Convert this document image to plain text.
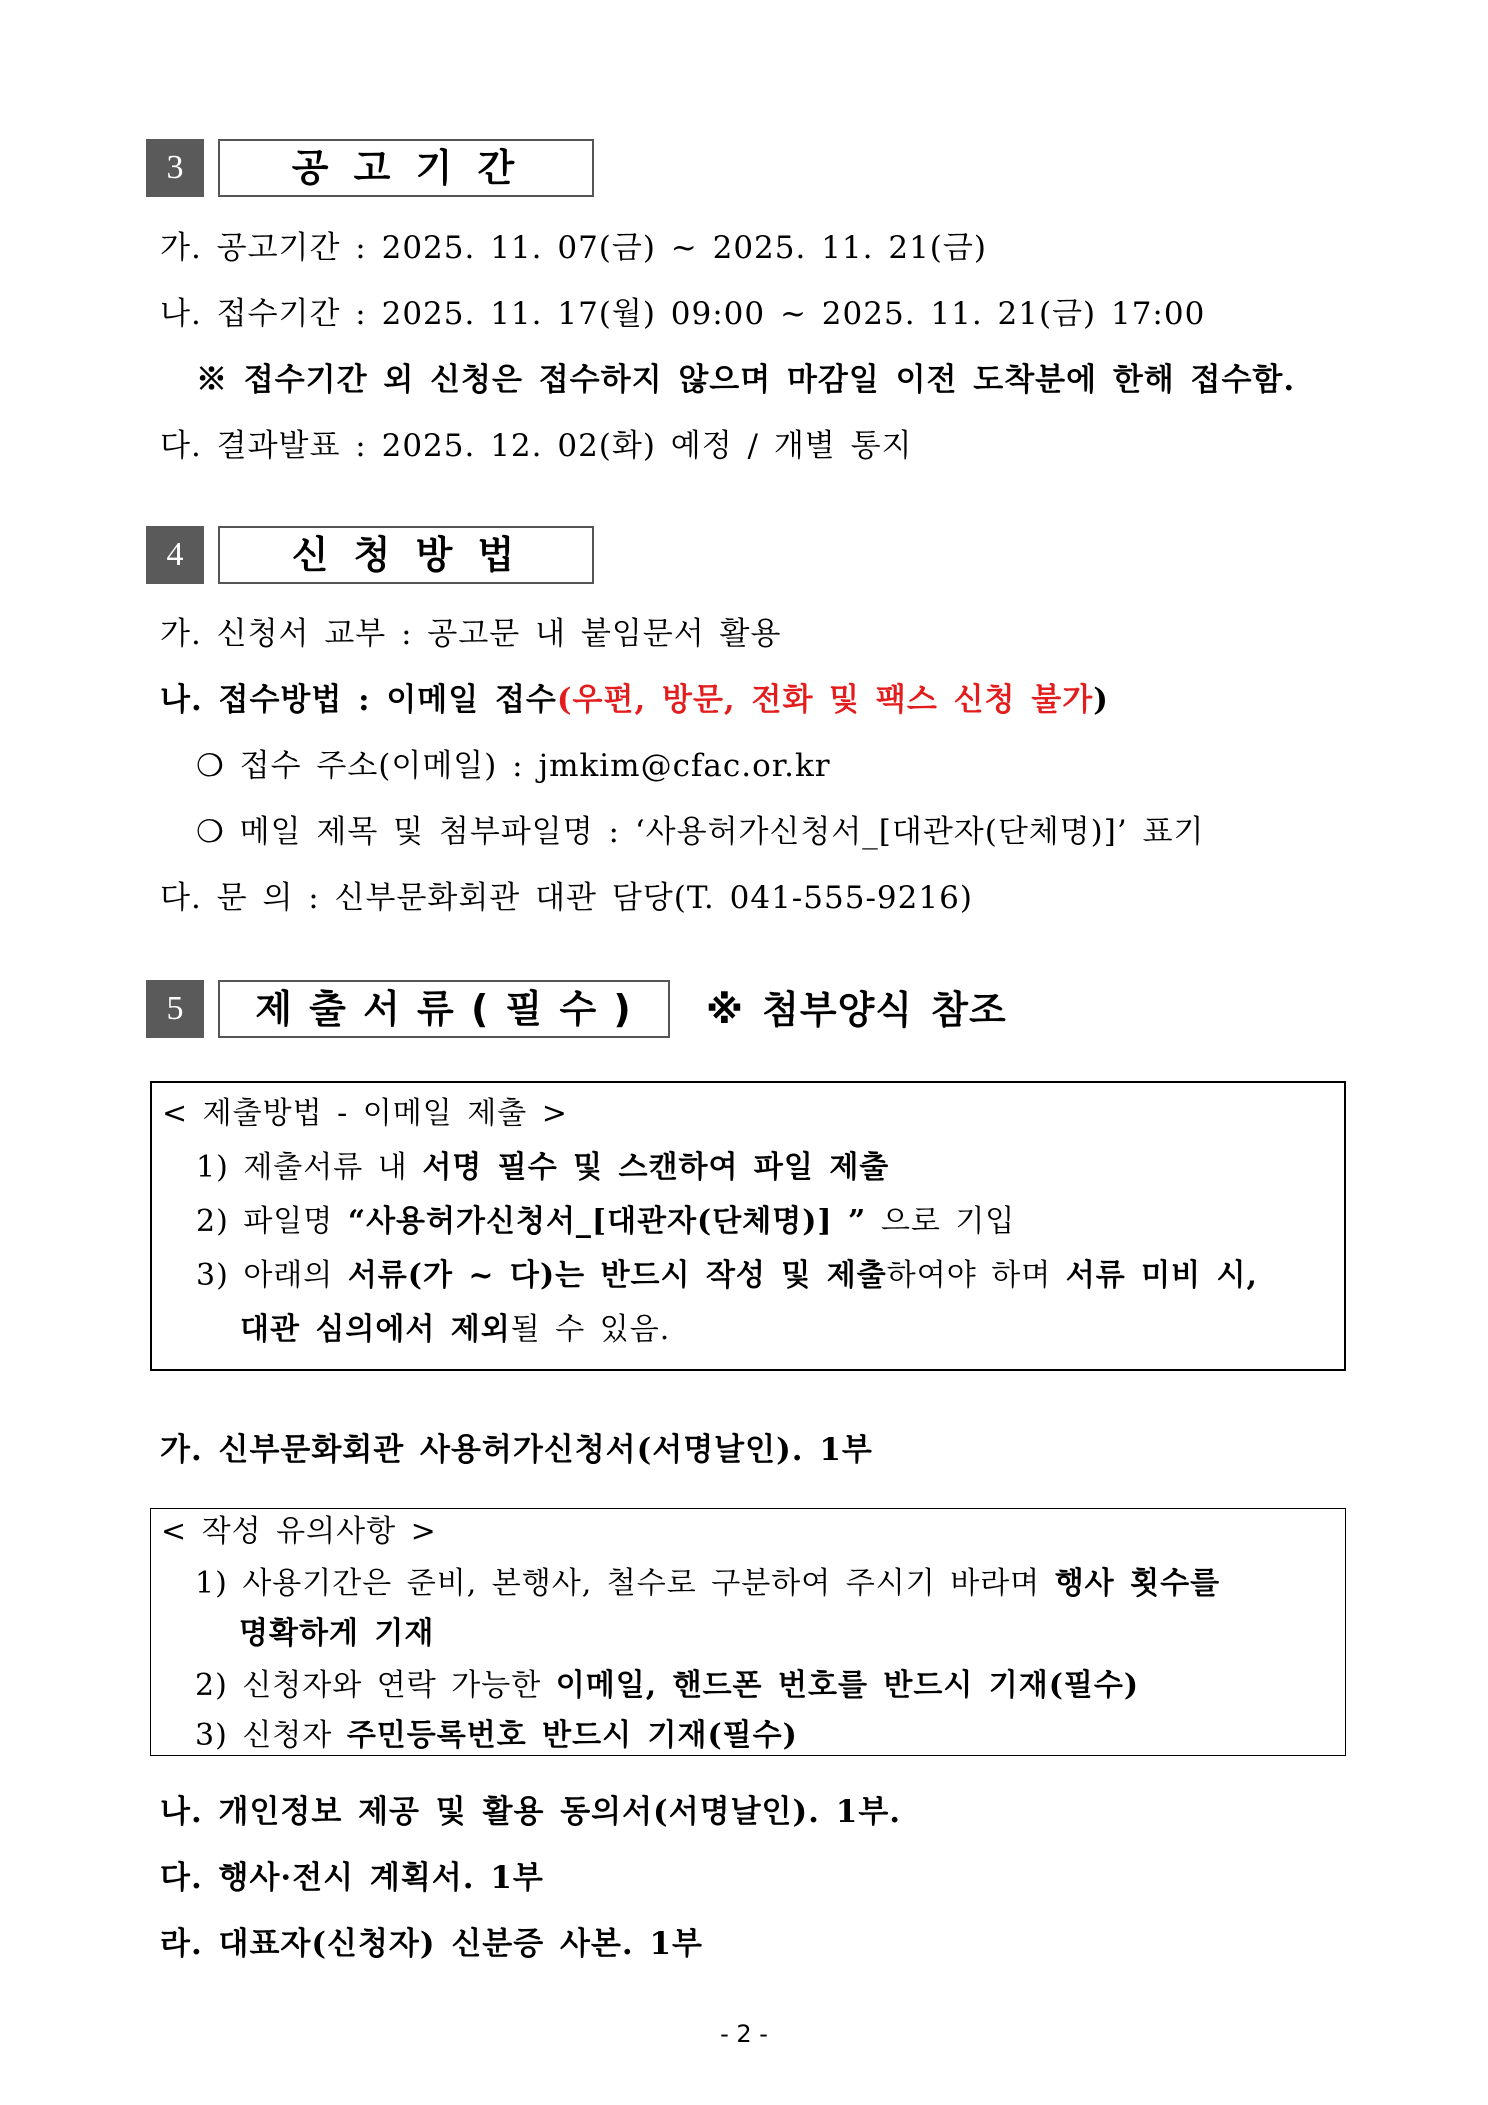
3	공 고 기 간
가. 공고기간 : 2025. 11. 07(금) ~ 2025. 11. 21(금)
나. 접수기간 : 2025. 11. 17(월) 09:00 ~ 2025. 11. 21(금) 17:00
※ 접수기간 외 신청은 접수하지 않으며 마감일 이전 도착분에 한해 접수함.
다. 결과발표 : 2025. 12. 02(화) 예정 / 개별 통지
4	신 청 방 법
가. 신청서 교부 : 공고문 내 붙임문서 활용
나. 접수방법 : 이메일 접수(우편, 방문, 전화 및 팩스 신청 불가)
❍ 접수 주소(이메일) : jmkim@cfac.or.kr
❍ 메일 제목 및 첨부파일명 : ‘사용허가신청서_[대관자(단체명)]’ 표기
다. 문 의 : 신부문화회관 대관 담당(T. 041-555-9216)
5	제 출 서 류 ( 필 수 )	※ 첨부양식 참조
< 제출방법 - 이메일 제출 >
1) 제출서류 내 서명 필수 및 스캔하여 파일 제출
2) 파일명 “사용허가신청서_[대관자(단체명)] ” 으로 기입
3) 아래의 서류(가 ~ 다)는 반드시 작성 및 제출하여야 하며 서류 미비 시,
대관 심의에서 제외될 수 있음.
가. 신부문화회관 사용허가신청서(서명날인). 1부
< 작성 유의사항 >
1) 사용기간은 준비, 본행사, 철수로 구분하여 주시기 바라며 행사 횟수를
명확하게 기재
2) 신청자와 연락 가능한 이메일, 핸드폰 번호를 반드시 기재(필수)
3) 신청자 주민등록번호 반드시 기재(필수)
나. 개인정보 제공 및 활용 동의서(서명날인). 1부.
다. 행사·전시 계획서. 1부
라. 대표자(신청자) 신분증 사본. 1부
- 2 -
